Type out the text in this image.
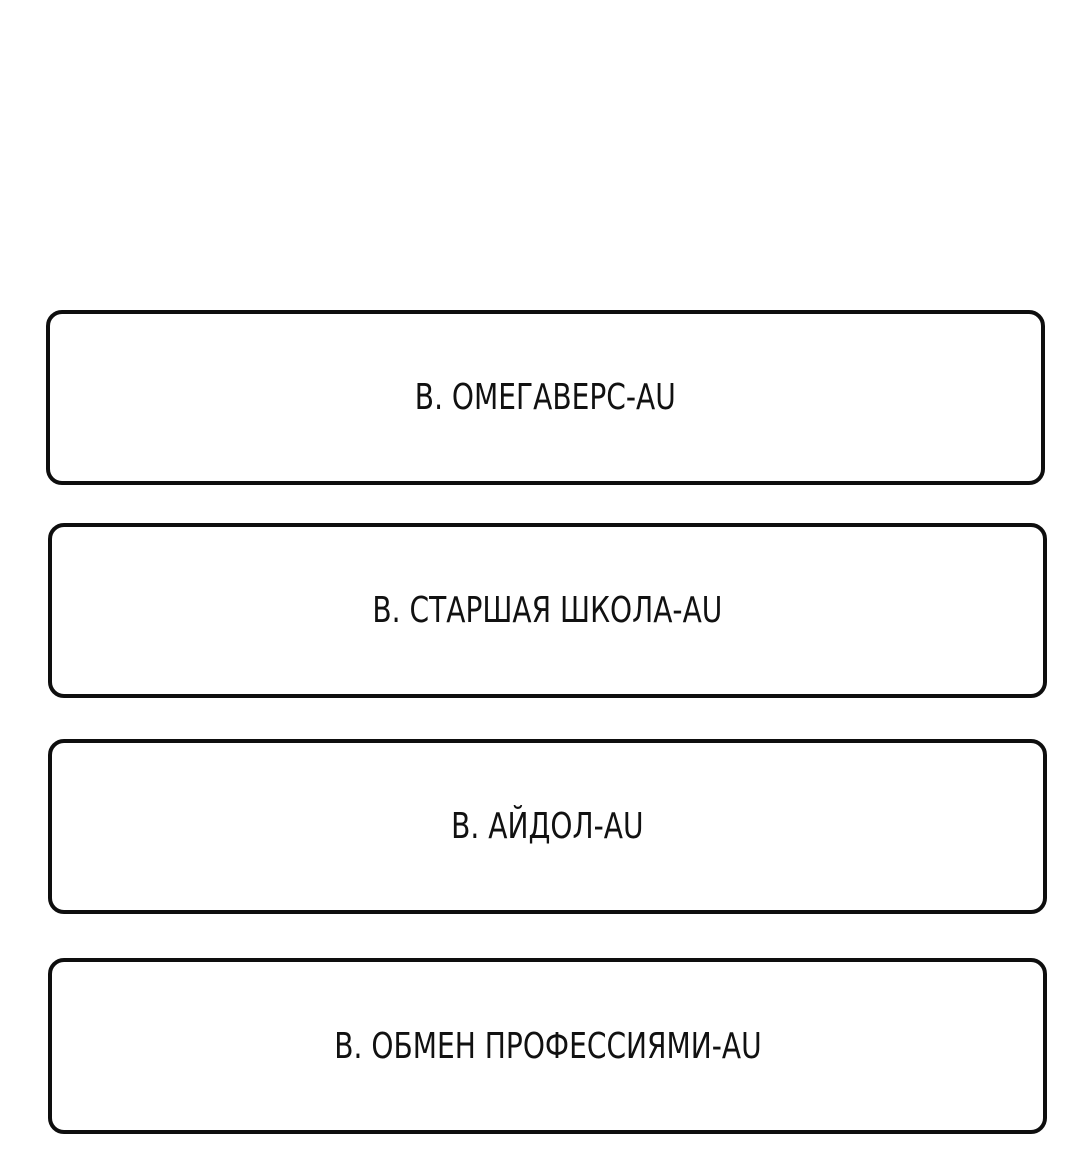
B. ОМЕГАВЕРС-AU
B. СТАРШАЯ ШКОЛА-AU
B. АЙДОЛ-AU
B. ОБМЕН ПРОФЕССИЯМИ-AU
